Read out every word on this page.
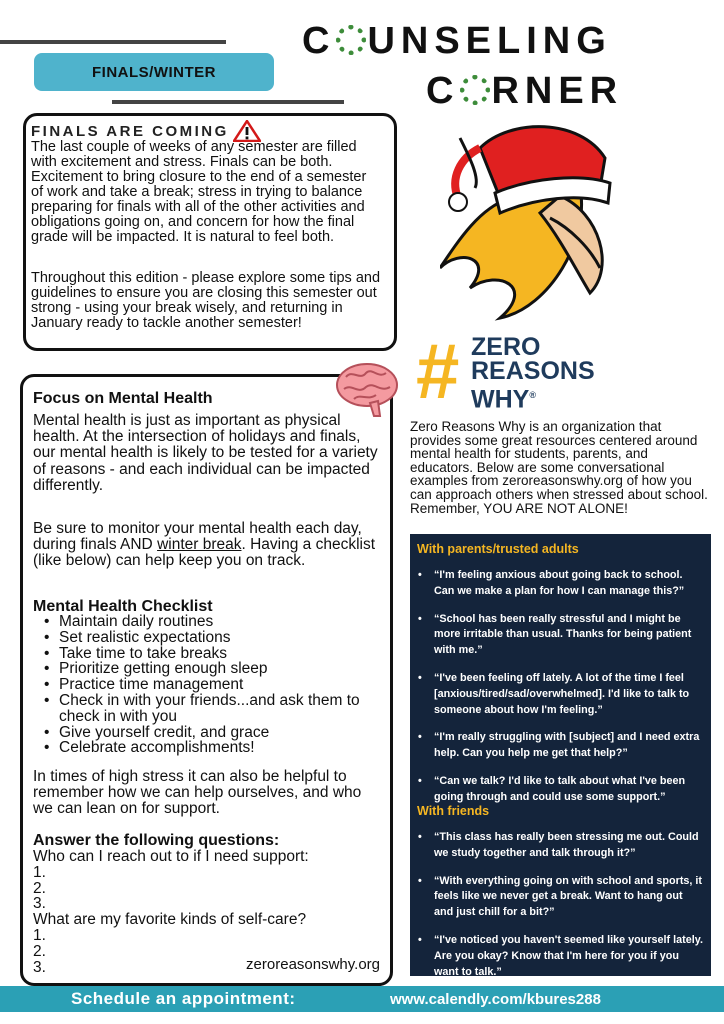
FINALS/WINTER
C UNSELING
C RNER
FINALS ARE COMING

The last couple of weeks of any semester are filled with excitement and stress. Finals can be both. Excitement to bring closure to the end of a semester of work and take a break; stress in trying to balance preparing for finals with all of the other activities and obligations going on, and concern for how the final grade will be impacted. It is natural to feel both.

Throughout this edition - please explore some tips and guidelines to ensure you are closing this semester out strong - using your break wisely, and returning in January ready to tackle another semester!

Focus on Mental Health

Mental health is just as important as physical health. At the intersection of holidays and finals, our mental health is likely to be tested for a variety of reasons - and each individual can be impacted differently.

Be sure to monitor your mental health each day, during finals AND winter break. Having a checklist (like below) can help keep you on track.

Mental Health Checklist
• Maintain daily routines
• Set realistic expectations
• Take time to take breaks
• Prioritize getting enough sleep
• Practice time management
• Check in with your friends...and ask them to check in with you
• Give yourself credit, and grace
• Celebrate accomplishments!

In times of high stress it can also be helpful to remember how we can help ourselves, and who we can lean on for support.

Answer the following questions:
Who can I reach out to if I need support:
1.
2.
3.
What are my favorite kinds of self-care?
1.
2.
3.	zeroreasonswhy.org
# ZERO
REASONS
WHY®

Zero Reasons Why is an organization that provides some great resources centered around mental health for students, parents, and educators. Below are some conversational examples from zeroreasonswhy.org of how you can approach others when stressed about school. Remember, YOU ARE NOT ALONE!

With parents/trusted adults
• “I'm feeling anxious about going back to school. Can we make a plan for how I can manage this?”
• “School has been really stressful and I might be more irritable than usual. Thanks for being patient with me.”
• “I've been feeling off lately. A lot of the time I feel [anxious/tired/sad/overwhelmed]. I'd like to talk to someone about how I'm feeling.”
• “I'm really struggling with [subject] and I need extra help. Can you help me get that help?”
• “Can we talk? I'd like to talk about what I've been going through and could use some support.”
With friends
• “This class has really been stressing me out. Could we study together and talk through it?”
• “With everything going on with school and sports, it feels like we never get a break. Want to hang out and just chill for a bit?”
• “I've noticed you haven't seemed like yourself lately. Are you okay? Know that I'm here for you if you want to talk.”
Schedule an appointment:	www.calendly.com/kbures288
